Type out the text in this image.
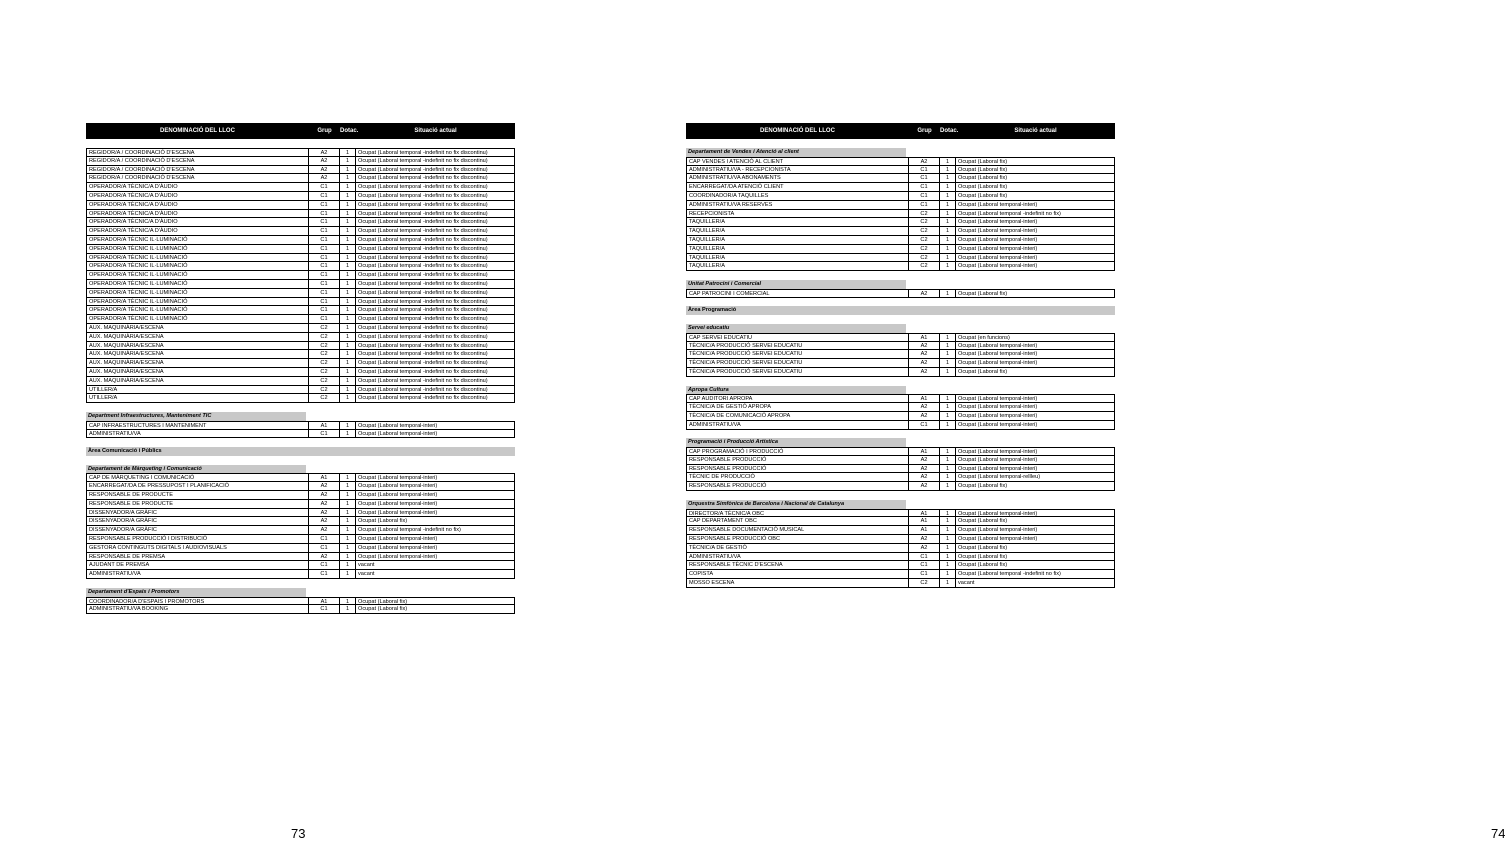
DENOMINACIÓ DEL LLOC	Grup	Dotac.	Situació actual
REGIDOR/A / COORDINACIÓ D'ESCENA	A2	1	Ocupat (Laboral temporal -indefinit no fix discontinu)
REGIDOR/A / COORDINACIÓ D'ESCENA	A2	1	Ocupat (Laboral temporal -indefinit no fix discontinu)
REGIDOR/A / COORDINACIÓ D'ESCENA	A2	1	Ocupat (Laboral temporal -indefinit no fix discontinu)
REGIDOR/A / COORDINACIÓ D'ESCENA	A2	1	Ocupat (Laboral temporal -indefinit no fix discontinu)
OPERADOR/A TÈCNIC/A D'ÀUDIO	C1	1	Ocupat (Laboral temporal -indefinit no fix discontinu)
OPERADOR/A TÈCNIC/A D'ÀUDIO	C1	1	Ocupat (Laboral temporal -indefinit no fix discontinu)
OPERADOR/A TÈCNIC/A D'ÀUDIO	C1	1	Ocupat (Laboral temporal -indefinit no fix discontinu)
OPERADOR/A TÈCNIC/A D'ÀUDIO	C1	1	Ocupat (Laboral temporal -indefinit no fix discontinu)
OPERADOR/A TÈCNIC/A D'ÀUDIO	C1	1	Ocupat (Laboral temporal -indefinit no fix discontinu)
OPERADOR/A TÈCNIC/A D'ÀUDIO	C1	1	Ocupat (Laboral temporal -indefinit no fix discontinu)
OPERADOR/A TÈCNIC IL·LUMINACIÓ	C1	1	Ocupat (Laboral temporal -indefinit no fix discontinu)
OPERADOR/A TÈCNIC IL·LUMINACIÓ	C1	1	Ocupat (Laboral temporal -indefinit no fix discontinu)
OPERADOR/A TÈCNIC IL·LUMINACIÓ	C1	1	Ocupat (Laboral temporal -indefinit no fix discontinu)
OPERADOR/A TÈCNIC IL·LUMINACIÓ	C1	1	Ocupat (Laboral temporal -indefinit no fix discontinu)
OPERADOR/A TÈCNIC IL·LUMINACIÓ	C1	1	Ocupat (Laboral temporal -indefinit no fix discontinu)
OPERADOR/A TÈCNIC IL·LUMINACIÓ	C1	1	Ocupat (Laboral temporal -indefinit no fix discontinu)
OPERADOR/A TÈCNIC IL·LUMINACIÓ	C1	1	Ocupat (Laboral temporal -indefinit no fix discontinu)
OPERADOR/A TÈCNIC IL·LUMINACIÓ	C1	1	Ocupat (Laboral temporal -indefinit no fix discontinu)
OPERADOR/A TÈCNIC IL·LUMINACIÓ	C1	1	Ocupat (Laboral temporal -indefinit no fix discontinu)
OPERADOR/A TÈCNIC IL·LUMINACIÓ	C1	1	Ocupat (Laboral temporal -indefinit no fix discontinu)
AUX. MAQUINÀRIA/ESCENA	C2	1	Ocupat (Laboral temporal -indefinit no fix discontinu)
AUX. MAQUINÀRIA/ESCENA	C2	1	Ocupat (Laboral temporal -indefinit no fix discontinu)
AUX. MAQUINÀRIA/ESCENA	C2	1	Ocupat (Laboral temporal -indefinit no fix discontinu)
AUX. MAQUINÀRIA/ESCENA	C2	1	Ocupat (Laboral temporal -indefinit no fix discontinu)
AUX. MAQUINÀRIA/ESCENA	C2	1	Ocupat (Laboral temporal -indefinit no fix discontinu)
AUX. MAQUINÀRIA/ESCENA	C2	1	Ocupat (Laboral temporal -indefinit no fix discontinu)
AUX. MAQUINÀRIA/ESCENA	C2	1	Ocupat (Laboral temporal -indefinit no fix discontinu)
UTILLER/A	C2	1	Ocupat (Laboral temporal -indefinit no fix discontinu)
UTILLER/A	C2	1	Ocupat (Laboral temporal -indefinit no fix discontinu)
Department Infraestructures, Manteniment TIC
CAP INFRAESTRUCTURES I MANTENIMENT	A1	1	Ocupat (Laboral temporal-interi)
ADMINISTRATIU/VA	C1	1	Ocupat (Laboral temporal-interi)
Àrea Comunicació i Públics
Departament de Màrqueting i Comunicació
CAP DE MÀRQUETING I COMUNICACIÓ	A1	1	Ocupat (Laboral temporal-interi)
ENCARREGAT/DA DE PRESSUPOST I PLANIFICACIÓ	A2	1	Ocupat (Laboral temporal-interi)
RESPONSABLE DE PRODUCTE	A2	1	Ocupat (Laboral temporal-interi)
RESPONSABLE DE PRODUCTE	A2	1	Ocupat (Laboral temporal-interi)
DISSENYADOR/A GRÀFIC	A2	1	Ocupat (Laboral temporal-interi)
DISSENYADOR/A GRÀFIC	A2	1	Ocupat (Laboral fix)
DISSENYADOR/A GRÀFIC	A2	1	Ocupat (Laboral temporal -indefinit no fix)
RESPONSABLE PRODUCCIÓ I DISTRIBUCIÓ	C1	1	Ocupat (Laboral temporal-interi)
GESTORA CONTINGUTS DIGITALS I AUDIOVISUALS	C1	1	Ocupat (Laboral temporal-interi)
RESPONSABLE DE PREMSA	A2	1	Ocupat (Laboral temporal-interi)
AJUDANT DE PREMSA	C1	1	vacant
ADMINISTRATIU/VA	C1	1	vacant
Departament d'Espais i Promotors
COORDINADOR/A D'ESPAIS I PROMOTORS	A1	1	Ocupat (Laboral fix)
ADMINISTRATIU/VA BOOKING	C1	1	Ocupat (Laboral fix)
73
DENOMINACIÓ DEL LLOC	Grup	Dotac.	Situació actual
Departament de Vendes i Atenció al client
CAP VENDES I ATENCIÓ AL CLIENT	A2	1	Ocupat (Laboral fix)
ADMINISTRATIU/VA - RECEPCIONISTA	C1	1	Ocupat (Laboral fix)
ADMINISTRATIU/VA ABONAMENTS	C1	1	Ocupat (Laboral fix)
ENCARREGAT/DA ATENCIÓ CLIENT	C1	1	Ocupat (Laboral fix)
COORDINADOR/A TAQUILLES	C1	1	Ocupat (Laboral fix)
ADMINISTRATIU/VA RESERVES	C1	1	Ocupat (Laboral temporal-interi)
RECEPCIONISTA	C2	1	Ocupat (Laboral temporal -indefinit no fix)
TAQUILLER/A	C2	1	Ocupat (Laboral temporal-interi)
TAQUILLER/A	C2	1	Ocupat (Laboral temporal-interi)
TAQUILLER/A	C2	1	Ocupat (Laboral temporal-interi)
TAQUILLER/A	C2	1	Ocupat (Laboral temporal-interi)
TAQUILLER/A	C2	1	Ocupat (Laboral temporal-interi)
TAQUILLER/A	C2	1	Ocupat (Laboral temporal-interi)
Unitat Patrocini i Comercial
CAP PATROCINI I COMERCIAL	A2	1	Ocupat (Laboral fix)
Àrea Programació
Servei educatiu
CAP SERVEI EDUCATIU	A1	1	Ocupat (en funcions)
TÈCNIC/A PRODUCCIÓ SERVEI EDUCATIU	A2	1	Ocupat (Laboral temporal-interi)
TÈCNIC/A PRODUCCIÓ SERVEI EDUCATIU	A2	1	Ocupat (Laboral temporal-interi)
TÈCNIC/A PRODUCCIÓ SERVEI EDUCATIU	A2	1	Ocupat (Laboral temporal-interi)
TÈCNIC/A PRODUCCIÓ SERVEI EDUCATIU	A2	1	Ocupat (Laboral fix)
Apropa Cultura
CAP AUDITORI APROPA	A1	1	Ocupat (Laboral temporal-interi)
TÈCNIC/A DE GESTIÓ APROPA	A2	1	Ocupat (Laboral temporal-interi)
TÈCNIC/A DE COMUNICACIÓ APROPA	A2	1	Ocupat (Laboral temporal-interi)
ADMINISTRATIU/VA	C1	1	Ocupat (Laboral temporal-interi)
Programació i Producció Artística
CAP PROGRAMACIÓ I PRODUCCIÓ	A1	1	Ocupat (Laboral temporal-interi)
RESPONSABLE PRODUCCIÓ	A2	1	Ocupat (Laboral temporal-interi)
RESPONSABLE PRODUCCIÓ	A2	1	Ocupat (Laboral temporal-interi)
TÈCNIC DE PRODUCCIÓ	A2	1	Ocupat (Laboral temporal-rellleu)
RESPONSABLE PRODUCCIÓ	A2	1	Ocupat (Laboral fix)
Orquestra Simfònica de Barcelona i Nacional de Catalunya
DIRECTOR/A TÈCNIC/A OBC	A1	1	Ocupat (Laboral temporal-interi)
CAP DEPARTAMENT OBC	A1	1	Ocupat (Laboral fix)
RESPONSABLE DOCUMENTACIÓ MUSICAL	A1	1	Ocupat (Laboral temporal-interi)
RESPONSABLE PRODUCCIÓ OBC	A2	1	Ocupat (Laboral temporal-interi)
TÈCNIC/A DE GESTIÓ	A2	1	Ocupat (Laboral fix)
ADMINISTRATIU/VA	C1	1	Ocupat (Laboral fix)
RESPONSABLE TÈCNIC D'ESCENA	C1	1	Ocupat (Laboral fix)
COPISTA	C1	1	Ocupat (Laboral temporal -indefinit no fix)
MOSSO ESCENA	C2	1	vacant
74
